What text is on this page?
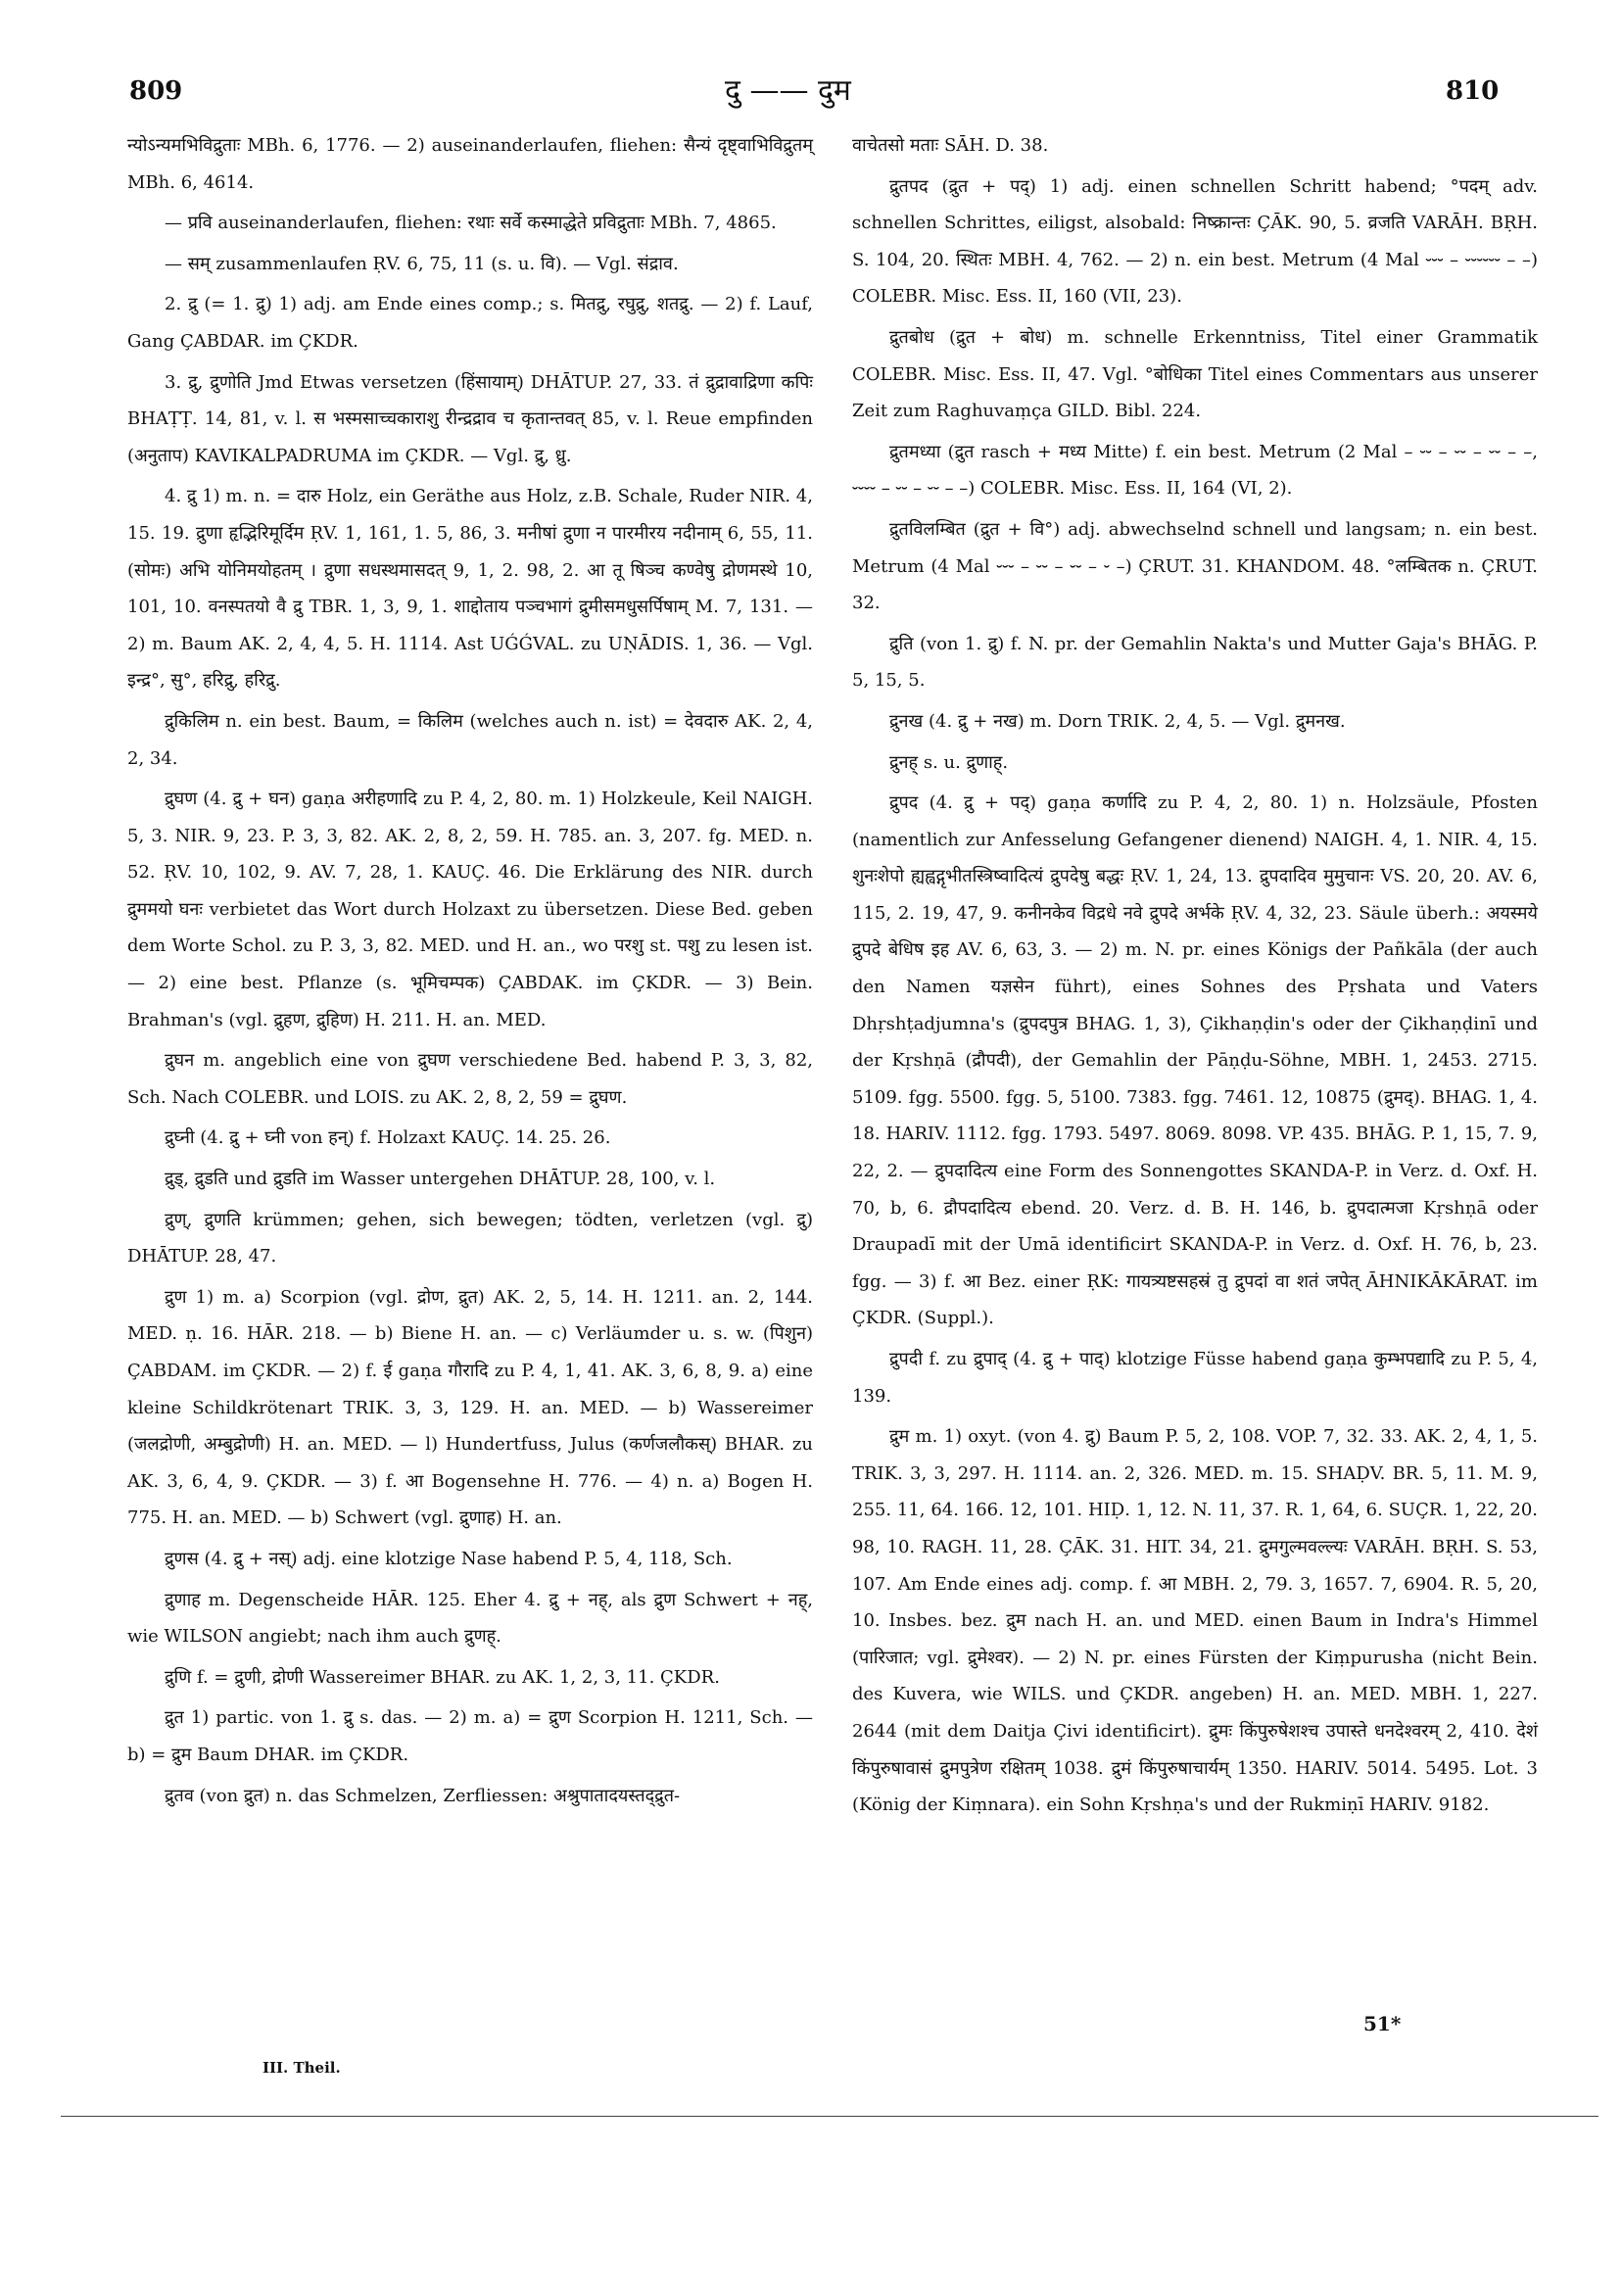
809	दु —— दुम	810

न्योऽन्यमभिविद्रुताः MBh. 6, 1776. — 2) auseinanderlaufen, fliehen: सैन्यं दृष्ट्वाभिविद्रुतम् MBh. 6, 4614.

— प्रवि auseinanderlaufen, fliehen: रथाः सर्वे कस्माद्धेते प्रविद्रुताः MBh. 7, 4865.

— सम् zusammenlaufen ṚV. 6, 75, 11 (s. u. वि). — Vgl. संद्राव.

2. द्रु (= 1. द्रु) 1) adj. am Ende eines comp.; s. मितद्रु, रघुद्रु, शतद्रु. — 2) f. Lauf, Gang ÇABDAR. im ÇKDR.

3. द्रु, द्रुणोति Jmd Etwas versetzen (हिंसायाम्) DHĀTUP. 27, 33. तं द्रुद्रावाद्रिणा कपिः BHAṬṬ. 14, 81, v. l. स भस्मसाच्चकाराशु रीन्द्रद्राव च कृतान्तवत् 85, v. l. Reue empfinden (अनुताप) KAVIKALPADRUMA im ÇKDR. — Vgl. द्रु, ध्रु.

4. द्रु 1) m. n. = दारु Holz, ein Geräthe aus Holz, z.B. Schale, Ruder NIR. 4, 15. 19. द्रुणा हृद्भिरिमूर्दिम ṚV. 1, 161, 1. 5, 86, 3. मनीषां द्रुणा न पारमीरय नदीनाम् 6, 55, 11. (सोमः) अभि योनिमयोहतम् । द्रुणा सधस्थमासदत् 9, 1, 2. 98, 2. आ तू षिञ्च कण्वेषु द्रोणमस्थे 10, 101, 10. वनस्पतयो वै द्रु TBR. 1, 3, 9, 1. शाद्दोताय पञ्चभागं द्रुमीसमधुसर्पिषाम् M. 7, 131. — 2) m. Baum AK. 2, 4, 4, 5. H. 1114. Ast UǴǴVAL. zu UṆĀDIS. 1, 36. — Vgl. इन्द्र°, सु°, हरिद्रु, हरिद्रु.

द्रुकिलिम n. ein best. Baum, = किलिम (welches auch n. ist) = देवदारु AK. 2, 4, 2, 34.

द्रुघण (4. द्रु + घन) gaṇa अरीहणादि zu P. 4, 2, 80. m. 1) Holzkeule, Keil NAIGH. 5, 3. NIR. 9, 23. P. 3, 3, 82. AK. 2, 8, 2, 59. H. 785. an. 3, 207. fg. MED. n. 52. ṚV. 10, 102, 9. AV. 7, 28, 1. KAUÇ. 46. Die Erklärung des NIR. durch द्रुममयो घनः verbietet das Wort durch Holzaxt zu übersetzen. Diese Bed. geben dem Worte Schol. zu P. 3, 3, 82. MED. und H. an., wo परशु st. पशु zu lesen ist. — 2) eine best. Pflanze (s. भूमिचम्पक) ÇABDAK. im ÇKDR. — 3) Bein. Brahman's (vgl. द्रुहण, द्रुहिण) H. 211. H. an. MED.

द्रुघन m. angeblich eine von द्रुघण verschiedene Bed. habend P. 3, 3, 82, Sch. Nach COLEBR. und LOIS. zu AK. 2, 8, 2, 59 = द्रुघण.

द्रुघ्नी (4. द्रु + घ्नी von हन्) f. Holzaxt KAUÇ. 14. 25. 26.

द्रुड्, द्रुडति und द्रुडति im Wasser untergehen DHĀTUP. 28, 100, v. l.

द्रुण्, द्रुणति krümmen; gehen, sich bewegen; tödten, verletzen (vgl. द्रु) DHĀTUP. 28, 47.

द्रुण 1) m. a) Scorpion (vgl. द्रोण, द्रुत) AK. 2, 5, 14. H. 1211. an. 2, 144. MED. ṇ. 16. HĀR. 218. — b) Biene H. an. — c) Verläumder u. s. w. (पिशुन) ÇABDAM. im ÇKDR. — 2) f. ई gaṇa गौरादि zu P. 4, 1, 41. AK. 3, 6, 8, 9. a) eine kleine Schildkrötenart TRIK. 3, 3, 129. H. an. MED. — b) Wassereimer (जलद्रोणी, अम्बुद्रोणी) H. an. MED. — l) Hundertfuss, Julus (कर्णजलौकस्) BHAR. zu AK. 3, 6, 4, 9. ÇKDR. — 3) f. आ Bogensehne H. 776. — 4) n. a) Bogen H. 775. H. an. MED. — b) Schwert (vgl. द्रुणाह) H. an.

द्रुणस (4. द्रु + नस्) adj. eine klotzige Nase habend P. 5, 4, 118, Sch.

द्रुणाह m. Degenscheide HĀR. 125. Eher 4. द्रु + नह्, als द्रुण Schwert + नह्, wie WILSON angiebt; nach ihm auch द्रुणह्.

द्रुणि f. = द्रुणी, द्रोणी Wassereimer BHAR. zu AK. 1, 2, 3, 11. ÇKDR.

द्रुत 1) partic. von 1. द्रु s. das. — 2) m. a) = द्रुण Scorpion H. 1211, Sch. — b) = द्रुम Baum DHAR. im ÇKDR.

द्रुतव (von द्रुत) n. das Schmelzen, Zerfliessen: अश्रुपातादयस्तद्द्रुत-

वाचेतसो मताः SĀH. D. 38.

द्रुतपद (द्रुत + पद्) 1) adj. einen schnellen Schritt habend; °पदम् adv. schnellen Schrittes, eiligst, alsobald: निष्क्रान्तः ÇĀK. 90, 5. व्रजति VARĀH. BṚH. S. 104, 20. स्थितः MBH. 4, 762. — 2) n. ein best. Metrum (4 Mal ⏑⏑⏑ – ⏑⏑⏑⏑⏑⏑ – –) COLEBR. Misc. Ess. II, 160 (VII, 23).

द्रुतबोध (द्रुत + बोध) m. schnelle Erkenntniss, Titel einer Grammatik COLEBR. Misc. Ess. II, 47. Vgl. °बोधिका Titel eines Commentars aus unserer Zeit zum Raghuvaṃça GILD. Bibl. 224.

द्रुतमध्या (द्रुत rasch + मध्य Mitte) f. ein best. Metrum (2 Mal – ⏑⏑ – ⏑⏑ – ⏑⏑ – –, ⏑⏑⏑⏑ – ⏑⏑ – ⏑⏑ – –) COLEBR. Misc. Ess. II, 164 (VI, 2).

द्रुतविलम्बित (द्रुत + वि°) adj. abwechselnd schnell und langsam; n. ein best. Metrum (4 Mal ⏑⏑⏑ – ⏑⏑ – ⏑⏑ – ⏑ –) ÇRUT. 31. KHANDOM. 48. °लम्बितक n. ÇRUT. 32.

द्रुति (von 1. द्रु) f. N. pr. der Gemahlin Nakta's und Mutter Gaja's BHĀG. P. 5, 15, 5.

द्रुनख (4. द्रु + नख) m. Dorn TRIK. 2, 4, 5. — Vgl. द्रुमनख.

द्रुनह् s. u. द्रुणाह्.

द्रुपद (4. द्रु + पद्) gaṇa कर्णादि zu P. 4, 2, 80. 1) n. Holzsäule, Pfosten (namentlich zur Anfesselung Gefangener dienend) NAIGH. 4, 1. NIR. 4, 15. शुनःशेपो ह्यह्वद्गृभीतस्त्रिष्वादित्यं द्रुपदेषु बद्धः ṚV. 1, 24, 13. द्रुपदादिव मुमुचानः VS. 20, 20. AV. 6, 115, 2. 19, 47, 9. कनीनकेव विद्रधे नवे द्रुपदे अर्भके ṚV. 4, 32, 23. Säule überh.: अयस्मये द्रुपदे बेधिष इह AV. 6, 63, 3. — 2) m. N. pr. eines Königs der Pañkāla (der auch den Namen यज्ञसेन führt), eines Sohnes des Pṛshata und Vaters Dhṛshṭadjumna's (द्रुपदपुत्र BHAG. 1, 3), Çikhaṇḍin's oder der Çikhaṇḍinī und der Kṛshṇā (द्रौपदी), der Gemahlin der Pāṇḍu-Söhne, MBH. 1, 2453. 2715. 5109. fgg. 5500. fgg. 5, 5100. 7383. fgg. 7461. 12, 10875 (द्रुमद्). BHAG. 1, 4. 18. HARIV. 1112. fgg. 1793. 5497. 8069. 8098. VP. 435. BHĀG. P. 1, 15, 7. 9, 22, 2. — द्रुपदादित्य eine Form des Sonnengottes SKANDA-P. in Verz. d. Oxf. H. 70, b, 6. द्रौपदादित्य ebend. 20. Verz. d. B. H. 146, b. द्रुपदात्मजा Kṛshṇā oder Draupadī mit der Umā identificirt SKANDA-P. in Verz. d. Oxf. H. 76, b, 23. fgg. — 3) f. आ Bez. einer ṚK: गायत्र्यष्टसहस्रं तु द्रुपदां वा शतं जपेत् ĀHNIKĀKĀRAT. im ÇKDR. (Suppl.).

द्रुपदी f. zu द्रुपाद् (4. द्रु + पाद्) klotzige Füsse habend gaṇa कुम्भपद्यादि zu P. 5, 4, 139.

द्रुम m. 1) oxyt. (von 4. द्रु) Baum P. 5, 2, 108. VOP. 7, 32. 33. AK. 2, 4, 1, 5. TRIK. 3, 3, 297. H. 1114. an. 2, 326. MED. m. 15. SHAḌV. BR. 5, 11. M. 9, 255. 11, 64. 166. 12, 101. HIḌ. 1, 12. N. 11, 37. R. 1, 64, 6. SUÇR. 1, 22, 20. 98, 10. RAGH. 11, 28. ÇĀK. 31. HIT. 34, 21. द्रुमगुल्मवल्ल्यः VARĀH. BṚH. S. 53, 107. Am Ende eines adj. comp. f. आ MBH. 2, 79. 3, 1657. 7, 6904. R. 5, 20, 10. Insbes. bez. द्रुम nach H. an. und MED. einen Baum in Indra's Himmel (पारिजात; vgl. द्रुमेश्वर). — 2) N. pr. eines Fürsten der Kiṃpurusha (nicht Bein. des Kuvera, wie WILS. und ÇKDR. angeben) H. an. MED. MBH. 1, 227. 2644 (mit dem Daitja Çivi identificirt). द्रुमः किंपुरुषेशश्च उपास्ते धनदेश्वरम् 2, 410. देशं किंपुरुषावासं द्रुमपुत्रेण रक्षितम् 1038. द्रुमं किंपुरुषाचार्यम् 1350. HARIV. 5014. 5495. Lot. 3 (König der Kiṃnara). ein Sohn Kṛshṇa's und der Rukmiṇī HARIV. 9182.

51*
III. Theil.
